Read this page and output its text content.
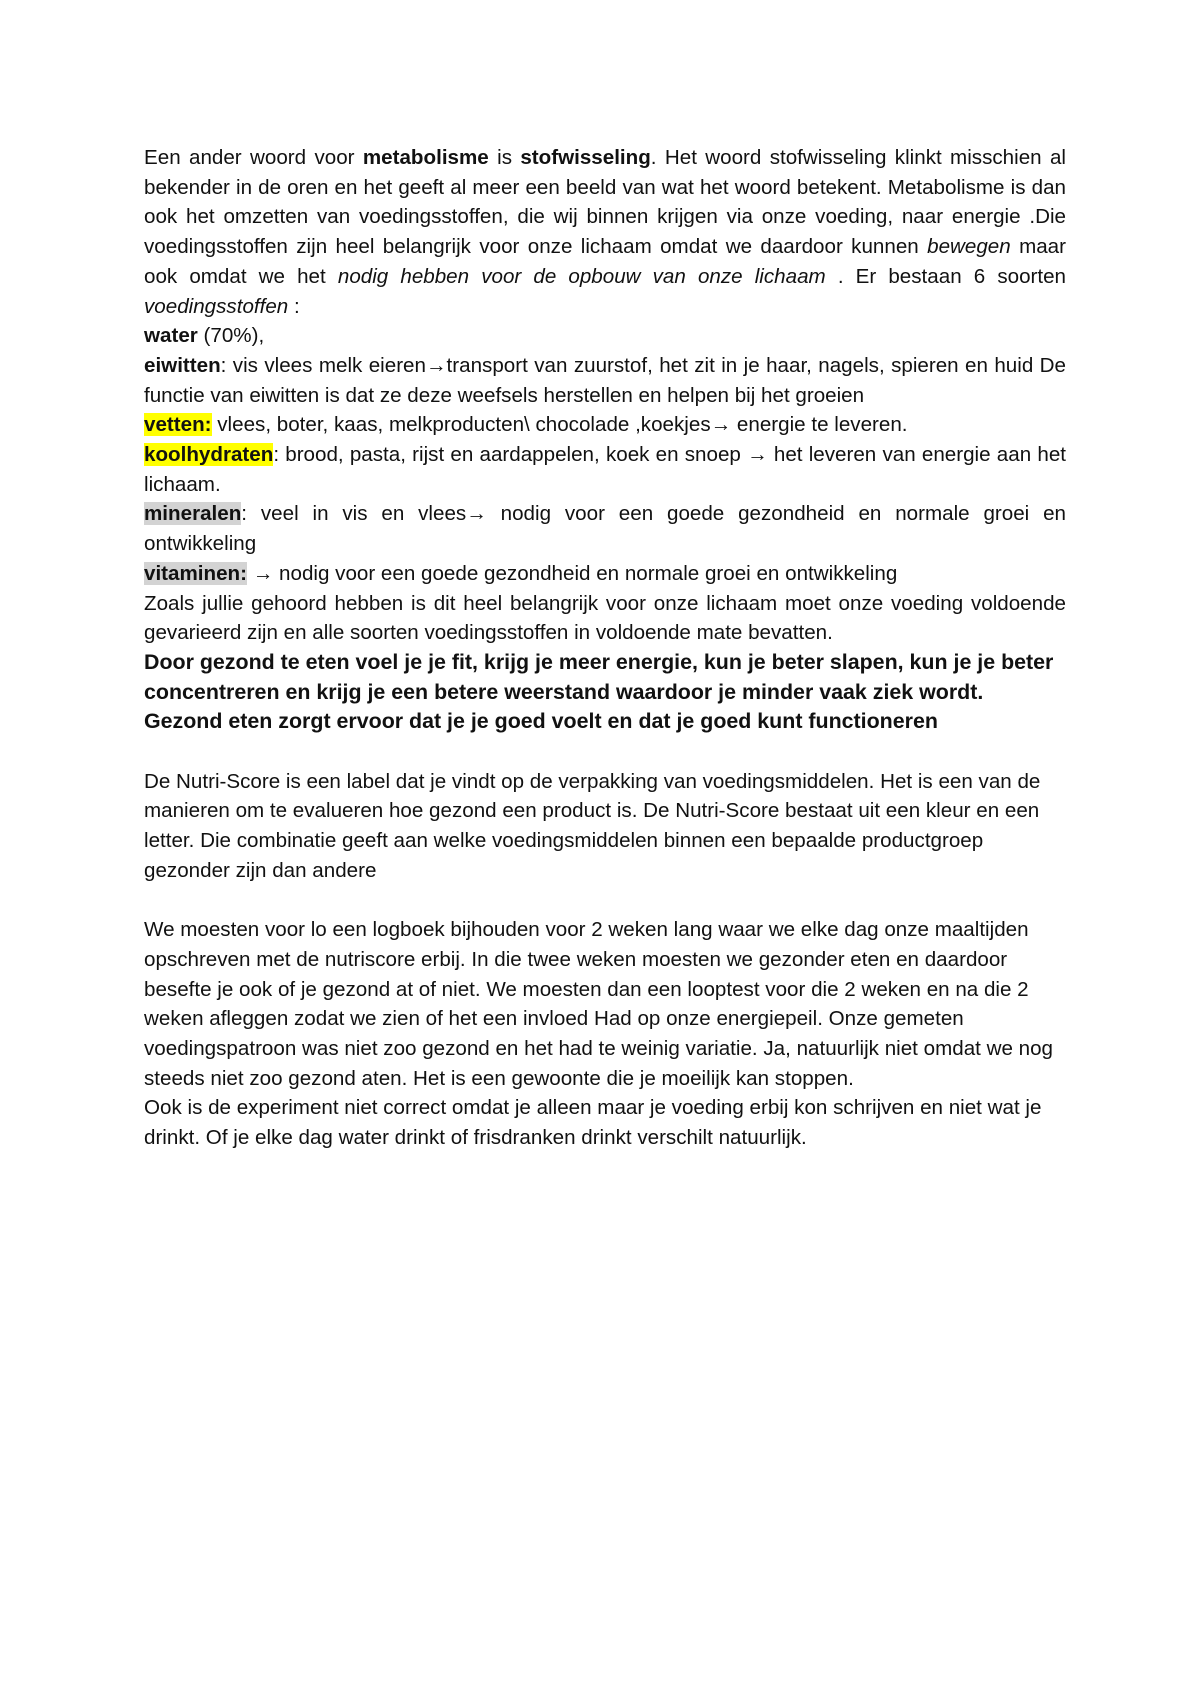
Een ander woord voor metabolisme is stofwisseling. Het woord stofwisseling klinkt misschien al bekender in de oren en het geeft al meer een beeld van wat het woord betekent. Metabolisme is dan ook het omzetten van voedingsstoffen, die wij binnen krijgen via onze voeding, naar energie .Die voedingsstoffen zijn heel belangrijk voor onze lichaam omdat we daardoor kunnen bewegen maar ook omdat we het nodig hebben voor de opbouw van onze lichaam . Er bestaan 6 soorten voedingsstoffen :

water (70%),

eiwitten: vis vlees melk eieren→transport van zuurstof, het zit in je haar, nagels, spieren en huid De functie van eiwitten is dat ze deze weefsels herstellen en helpen bij het groeien

vetten: vlees, boter, kaas, melkproducten\ chocolade ,koekjes→ energie te leveren.

koolhydraten: brood, pasta, rijst en aardappelen, koek en snoep → het leveren van energie aan het lichaam.

mineralen: veel in vis en vlees→ nodig voor een goede gezondheid en normale groei en ontwikkeling

vitaminen: → nodig voor een goede gezondheid en normale groei en ontwikkeling

Zoals jullie gehoord hebben is dit heel belangrijk voor onze lichaam moet onze voeding voldoende gevarieerd zijn en alle soorten voedingsstoffen in voldoende mate bevatten.

Door gezond te eten voel je je fit, krijg je meer energie, kun je beter slapen, kun je je beter concentreren en krijg je een betere weerstand waardoor je minder vaak ziek wordt.

Gezond eten zorgt ervoor dat je je goed voelt en dat je goed kunt functioneren

De Nutri-Score is een label dat je vindt op de verpakking van voedingsmiddelen. Het is een van de manieren om te evalueren hoe gezond een product is. De Nutri-Score bestaat uit een kleur en een letter. Die combinatie geeft aan welke voedingsmiddelen binnen een bepaalde productgroep gezonder zijn dan andere

We moesten voor lo een logboek bijhouden voor 2 weken lang waar we elke dag onze maaltijden opschreven met de nutriscore erbij. In die twee weken moesten we gezonder eten en daardoor besefte je ook of je gezond at of niet. We moesten dan een looptest voor die 2 weken en na die 2 weken afleggen zodat we zien of het een invloed Had op onze energiepeil. Onze gemeten voedingspatroon was niet zoo gezond en het had te weinig variatie. Ja, natuurlijk niet omdat we nog steeds niet zoo gezond aten. Het is een gewoonte die je moeilijk kan stoppen.

Ook is de experiment niet correct omdat je alleen maar je voeding erbij kon schrijven en niet wat je drinkt. Of je elke dag water drinkt of frisdranken drinkt verschilt natuurlijk.
